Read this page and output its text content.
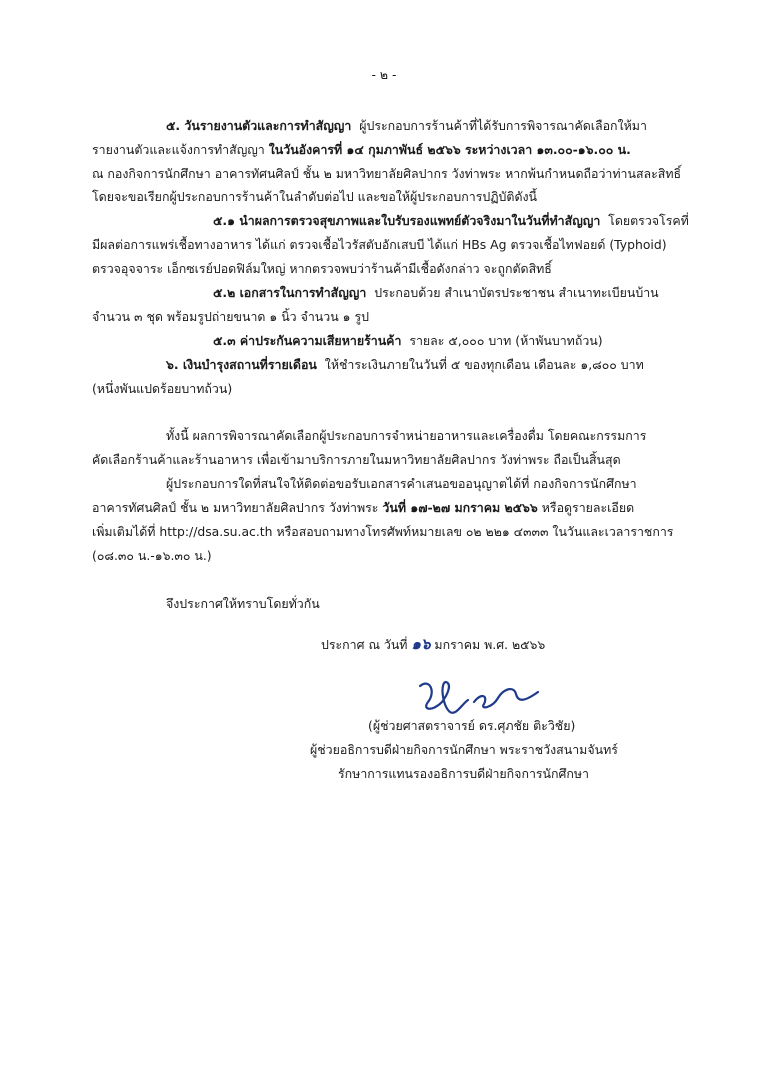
- ๒ -
๕. วันรายงานตัวและการทำสัญญา ผู้ประกอบการร้านค้าที่ได้รับการพิจารณาคัดเลือกให้มา
รายงานตัวและแจ้งการทำสัญญา ในวันอังคารที่ ๑๔ กุมภาพันธ์ ๒๕๖๖ ระหว่างเวลา ๑๓.๐๐-๑๖.๐๐ น.
ณ กองกิจการนักศึกษา อาคารทัศนศิลป์ ชั้น ๒ มหาวิทยาลัยศิลปากร วังท่าพระ หากพ้นกำหนดถือว่าท่านสละสิทธิ์
โดยจะขอเรียกผู้ประกอบการร้านค้าในลำดับต่อไป และขอให้ผู้ประกอบการปฏิบัติดังนี้
๕.๑ นำผลการตรวจสุขภาพและใบรับรองแพทย์ตัวจริงมาในวันที่ทำสัญญา โดยตรวจโรคที่
มีผลต่อการแพร่เชื้อทางอาหาร ได้แก่ ตรวจเชื้อไวรัสตับอักเสบบี ได้แก่ HBs Ag ตรวจเชื้อไทฟอยด์ (Typhoid)
ตรวจอุจจาระ เอ็กซเรย์ปอดฟิล์มใหญ่ หากตรวจพบว่าร้านค้ามีเชื้อดังกล่าว จะถูกตัดสิทธิ์
๕.๒ เอกสารในการทำสัญญา ประกอบด้วย สำเนาบัตรประชาชน สำเนาทะเบียนบ้าน
จำนวน ๓ ชุด พร้อมรูปถ่ายขนาด ๑ นิ้ว จำนวน ๑ รูป
๕.๓ ค่าประกันความเสียหายร้านค้า รายละ ๕,๐๐๐ บาท (ห้าพันบาทถ้วน)
๖. เงินบำรุงสถานที่รายเดือน ให้ชำระเงินภายในวันที่ ๕ ของทุกเดือน เดือนละ ๑,๘๐๐ บาท
(หนึ่งพันแปดร้อยบาทถ้วน)
ทั้งนี้ ผลการพิจารณาคัดเลือกผู้ประกอบการจำหน่ายอาหารและเครื่องดื่ม โดยคณะกรรมการ
คัดเลือกร้านค้าและร้านอาหาร เพื่อเข้ามาบริการภายในมหาวิทยาลัยศิลปากร วังท่าพระ ถือเป็นสิ้นสุด
ผู้ประกอบการใดที่สนใจให้ติดต่อขอรับเอกสารคำเสนอขออนุญาตได้ที่ กองกิจการนักศึกษา
อาคารทัศนศิลป์ ชั้น ๒ มหาวิทยาลัยศิลปากร วังท่าพระ วันที่ ๑๗-๒๗ มกราคม ๒๕๖๖ หรือดูรายละเอียด
เพิ่มเติมได้ที่ http://dsa.su.ac.th หรือสอบถามทางโทรศัพท์หมายเลข ๐๒ ๒๒๑ ๔๓๓๓ ในวันและเวลาราชการ
(๐๘.๓๐ น.-๑๖.๓๐ น.)
จึงประกาศให้ทราบโดยทั่วกัน
ประกาศ ณ วันที่ ๑๖ มกราคม พ.ศ. ๒๕๖๖
(ผู้ช่วยศาสตราจารย์ ดร.ศุภชัย ติะวิชัย)
ผู้ช่วยอธิการบดีฝ่ายกิจการนักศึกษา พระราชวังสนามจันทร์
รักษาการแทนรองอธิการบดีฝ่ายกิจการนักศึกษา
